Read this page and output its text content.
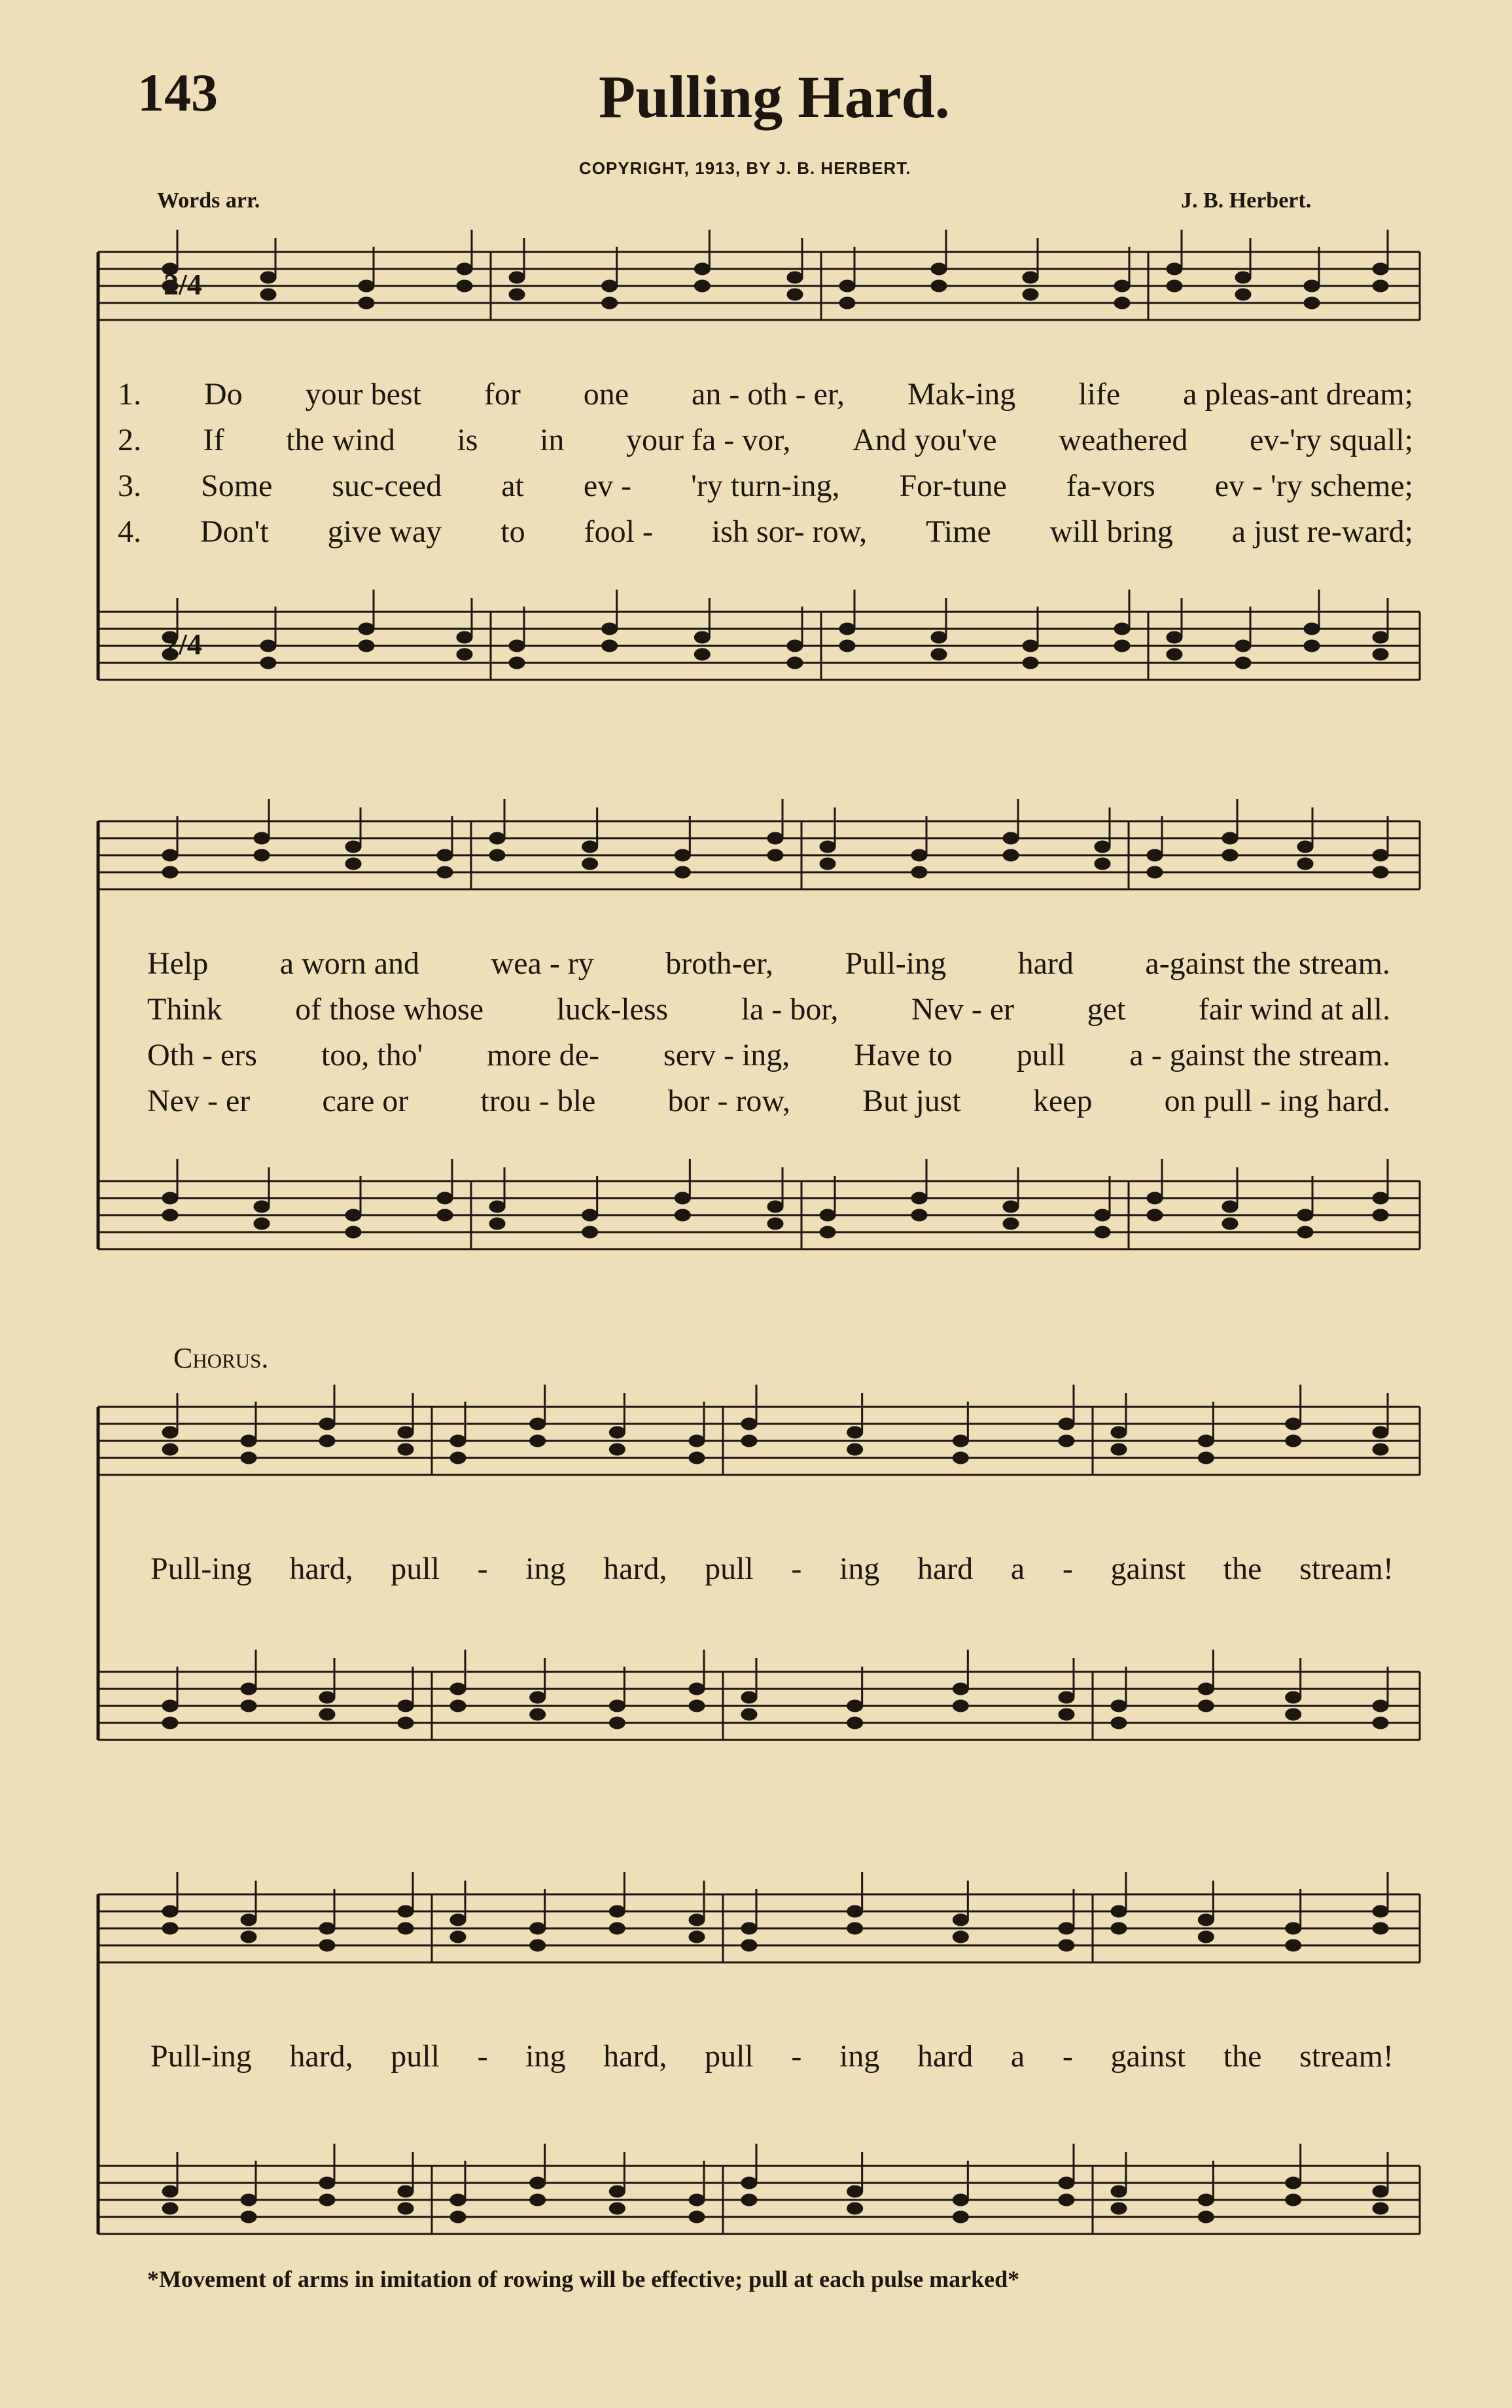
143	Pulling Hard.
COPYRIGHT, 1913, BY J. B. HERBERT.
Words arr.	J. B. Herbert.
2/4
2/4
1. Do your best for one an - oth - er, Mak-ing life a pleas-ant dream;
2. If the wind is in your fa - vor, And you've weathered ev-'ry squall;
3. Some suc-ceed at ev - 'ry turn-ing, For-tune fa-vors ev - 'ry scheme;
4. Don't give way to fool - ish sor- row, Time will bring a just re-ward;
Help a worn and wea - ry broth-er, Pull-ing hard a-gainst the stream.
Think of those whose luck-less la - bor, Nev - er get fair wind at all.
Oth - ers too, tho' more de- serv - ing, Have to pull a - gainst the stream.
Nev - er care or trou - ble bor - row, But just keep on pull - ing hard.
Chorus.
Pull-ing hard, pull - ing hard, pull - ing hard a - gainst the stream!
Pull-ing hard, pull - ing hard, pull - ing hard a - gainst the stream!
*Movement of arms in imitation of rowing will be effective; pull at each pulse marked*
